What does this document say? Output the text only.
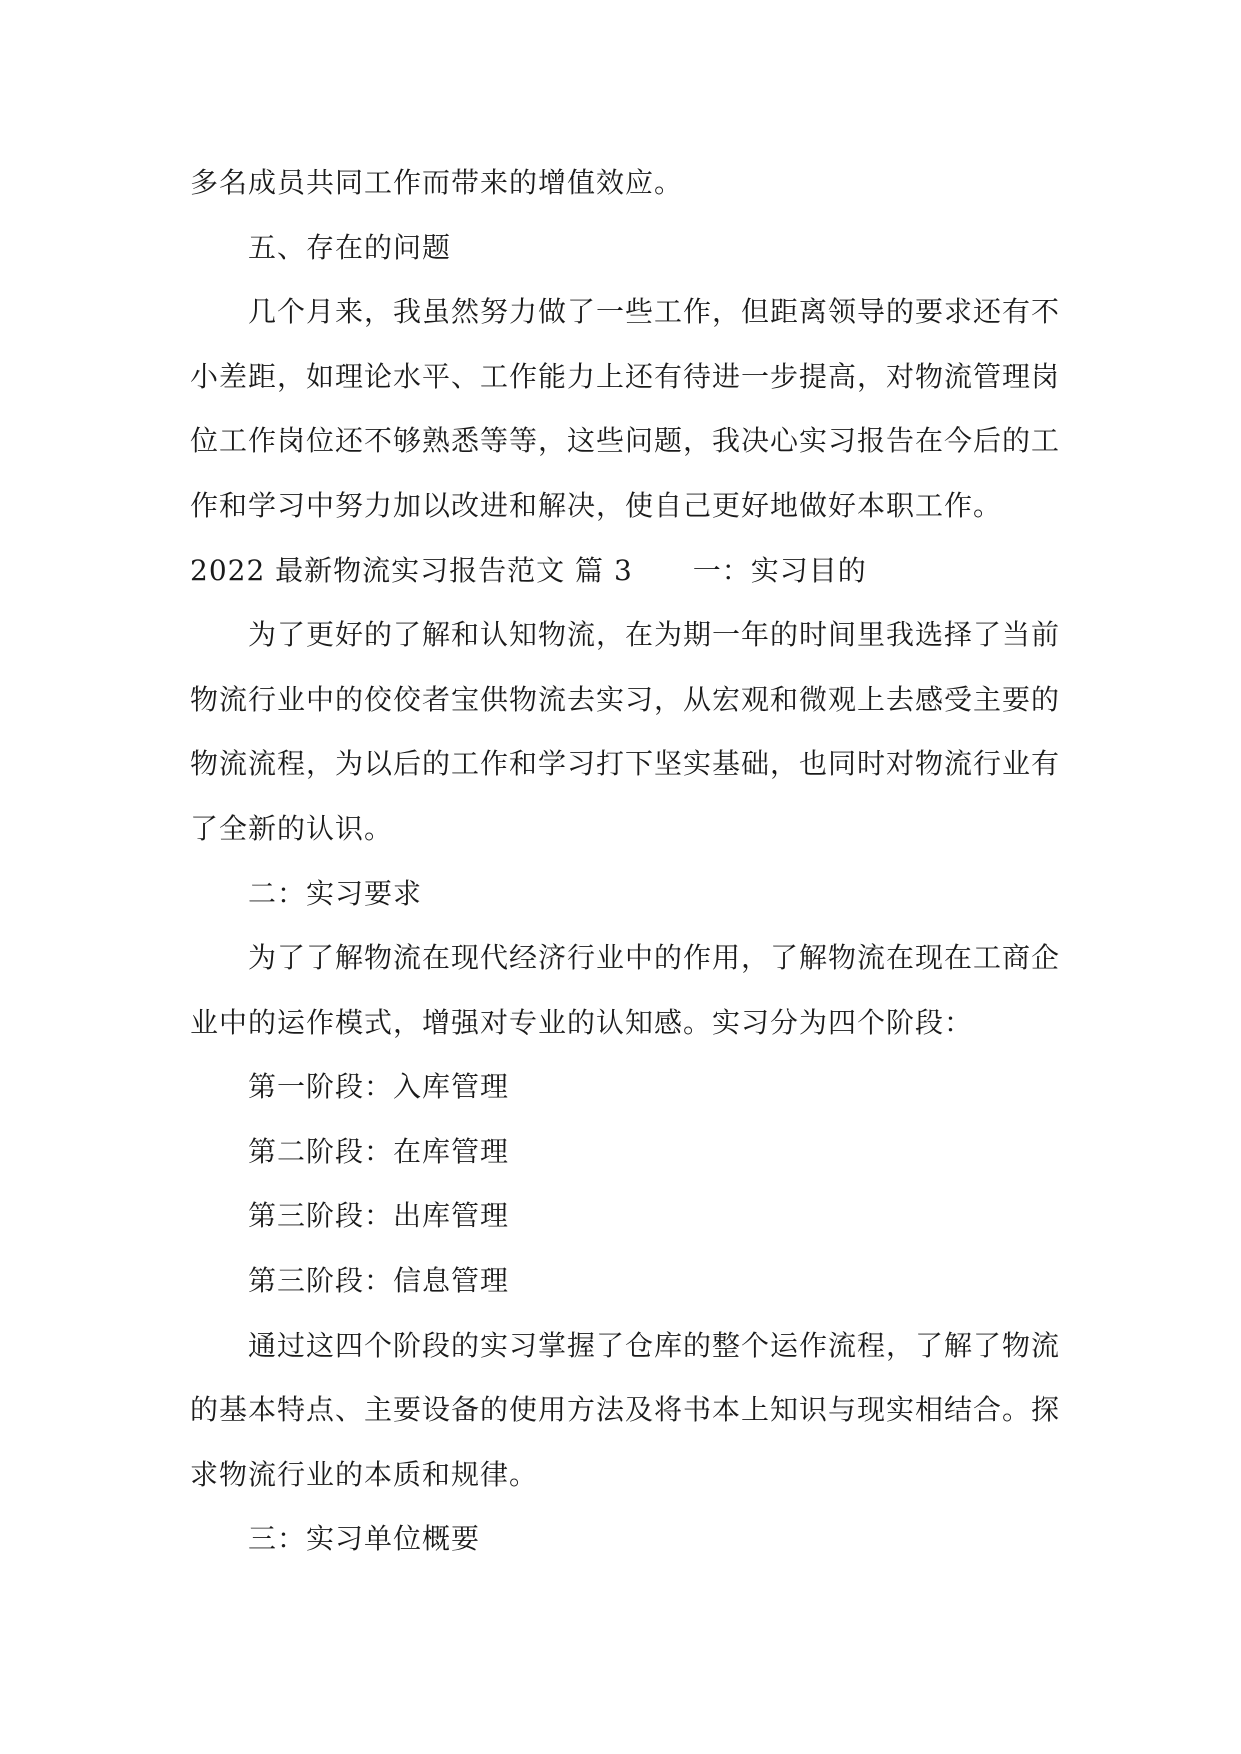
多名成员共同工作而带来的增值效应。
五、存在的问题
几个月来，我虽然努力做了一些工作，但距离领导的要求还有不
小差距，如理论水平、工作能力上还有待进一步提高，对物流管理岗
位工作岗位还不够熟悉等等，这些问题，我决心实习报告在今后的工
作和学习中努力加以改进和解决，使自己更好地做好本职工作。
2022 最新物流实习报告范文 篇 3 一：实习目的
为了更好的了解和认知物流，在为期一年的时间里我选择了当前
物流行业中的佼佼者宝供物流去实习，从宏观和微观上去感受主要的
物流流程，为以后的工作和学习打下坚实基础，也同时对物流行业有
了全新的认识。
二：实习要求
为了了解物流在现代经济行业中的作用，了解物流在现在工商企
业中的运作模式，增强对专业的认知感。实习分为四个阶段：
第一阶段：入库管理
第二阶段：在库管理
第三阶段：出库管理
第三阶段：信息管理
通过这四个阶段的实习掌握了仓库的整个运作流程，了解了物流
的基本特点、主要设备的使用方法及将书本上知识与现实相结合。探
求物流行业的本质和规律。
三：实习单位概要
